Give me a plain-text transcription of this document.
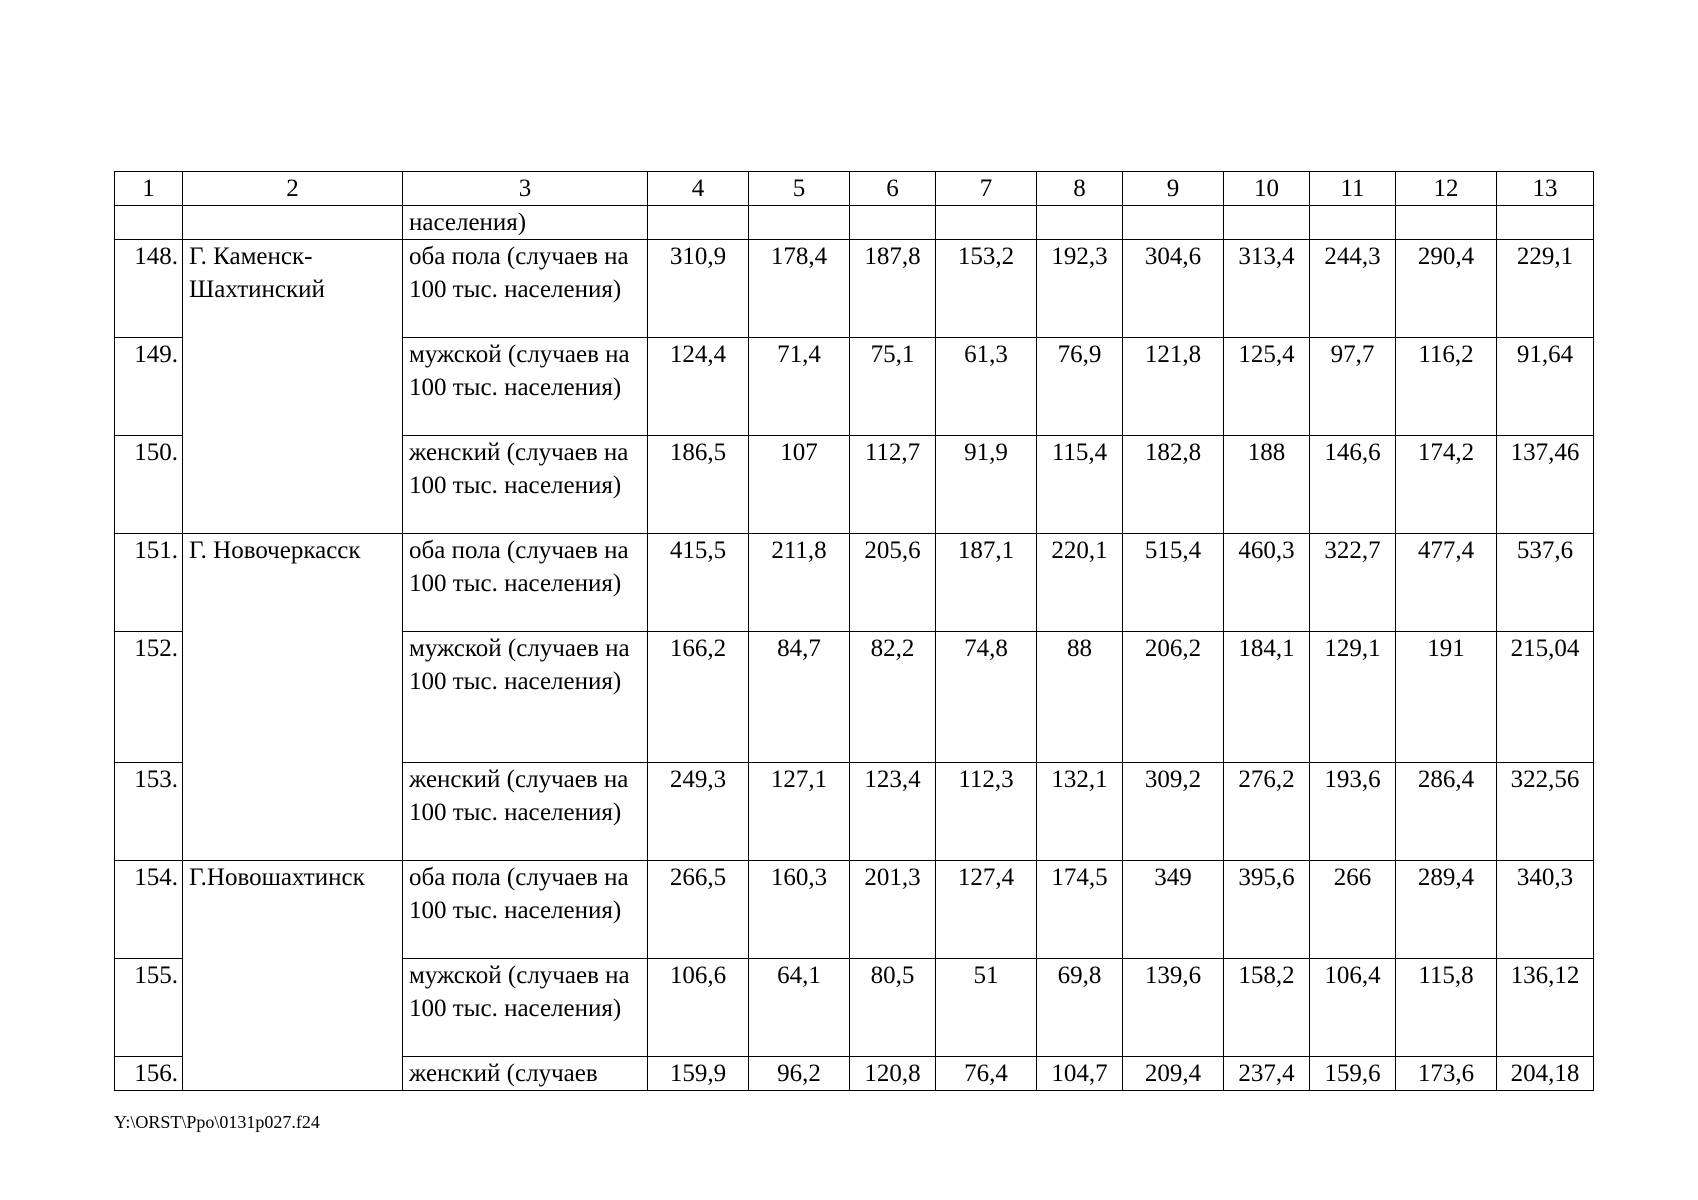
1	2	3	4	5	6	7	8	9	10	11	12	13
		населения)										
148.	Г. Каменск-Шахтинский	оба пола (случаев на 100 тыс. населения)	310,9	178,4	187,8	153,2	192,3	304,6	313,4	244,3	290,4	229,1
149.		мужской (случаев на 100 тыс. населения)	124,4	71,4	75,1	61,3	76,9	121,8	125,4	97,7	116,2	91,64
150.		женский (случаев на 100 тыс. населения)	186,5	107	112,7	91,9	115,4	182,8	188	146,6	174,2	137,46
151.	Г. Новочеркасск	оба пола (случаев на 100 тыс. населения)	415,5	211,8	205,6	187,1	220,1	515,4	460,3	322,7	477,4	537,6
152.		мужской (случаев на 100 тыс. населения)	166,2	84,7	82,2	74,8	88	206,2	184,1	129,1	191	215,04
153.		женский (случаев на 100 тыс. населения)	249,3	127,1	123,4	112,3	132,1	309,2	276,2	193,6	286,4	322,56
154.	Г.Новошахтинск	оба пола (случаев на 100 тыс. населения)	266,5	160,3	201,3	127,4	174,5	349	395,6	266	289,4	340,3
155.		мужской (случаев на 100 тыс. населения)	106,6	64,1	80,5	51	69,8	139,6	158,2	106,4	115,8	136,12
156.		женский (случаев	159,9	96,2	120,8	76,4	104,7	209,4	237,4	159,6	173,6	204,18
Y:\ORST\Ppo\0131p027.f24
